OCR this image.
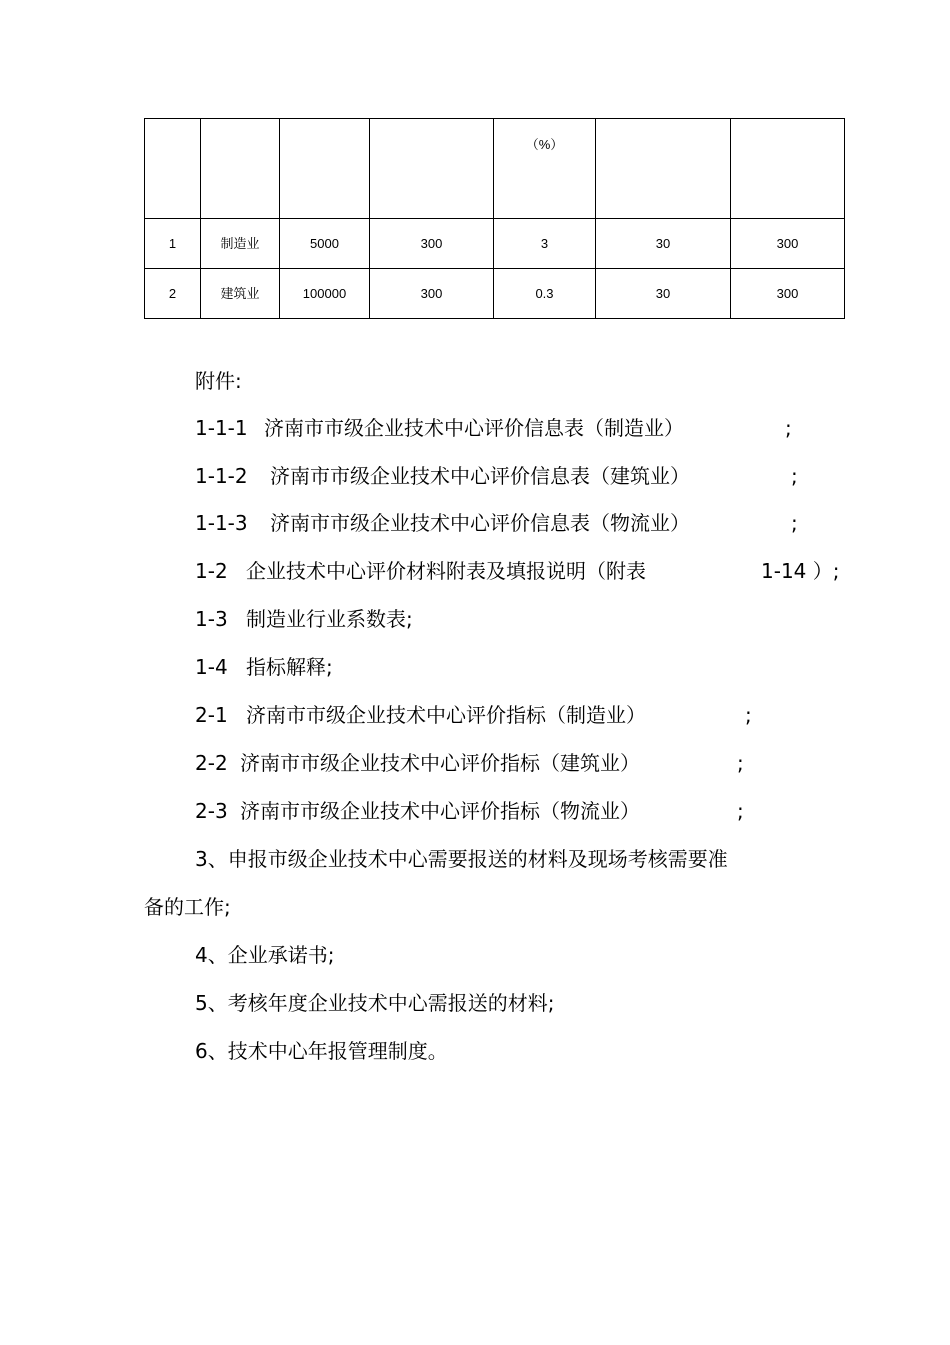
				（%）		
1	制造业	5000	300	3	30	300
2	建筑业	100000	300	0.3	30	300
附件:
1-1-1 济南市市级企业技术中心评价信息表（制造业）	;
1-1-2 济南市市级企业技术中心评价信息表（建筑业）	;
1-1-3 济南市市级企业技术中心评价信息表（物流业）	;
1-2 企业技术中心评价材料附表及填报说明（附表	1-14 ）;
1-3 制造业行业系数表;
1-4 指标解释;
2-1 济南市市级企业技术中心评价指标（制造业）	;
2-2 济南市市级企业技术中心评价指标（建筑业）	;
2-3 济南市市级企业技术中心评价指标（物流业）	;
3、申报市级企业技术中心需要报送的材料及现场考核需要准
备的工作;
4、企业承诺书;
5、考核年度企业技术中心需报送的材料;
6、技术中心年报管理制度。
